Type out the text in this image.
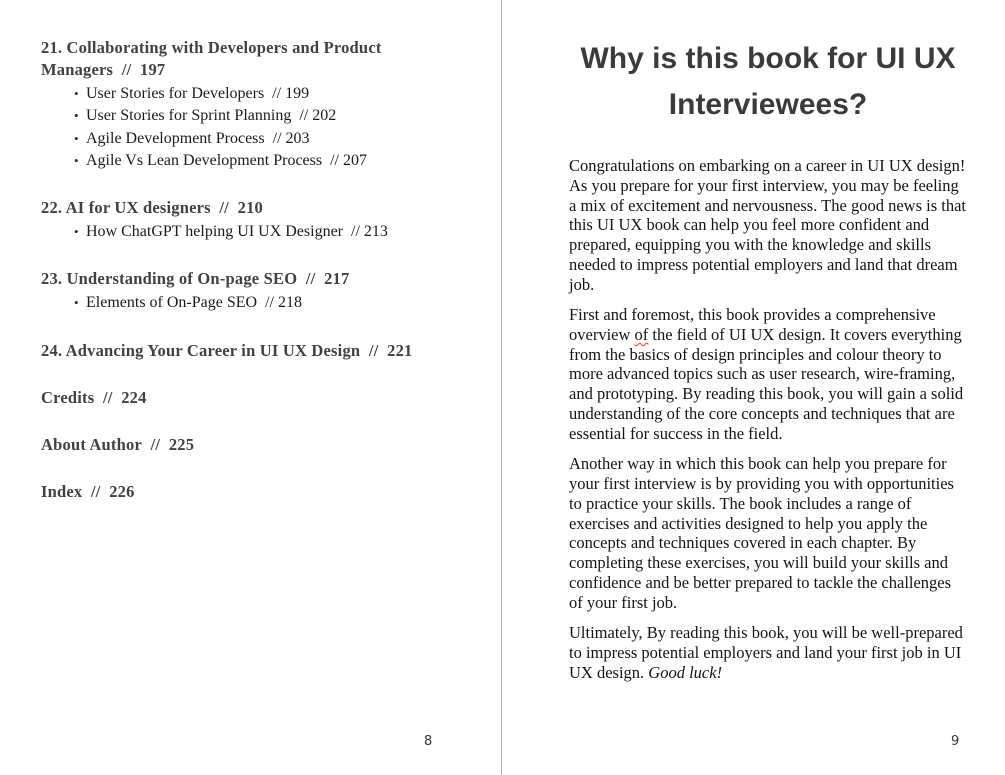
21. Collaborating with Developers and Product Managers  //  197
• User Stories for Developers  // 199
• User Stories for Sprint Planning  // 202
• Agile Development Process  // 203
• Agile Vs Lean Development Process  // 207
22. AI for UX designers  //  210
• How ChatGPT helping UI UX Designer  // 213
23. Understanding of On-page SEO  //  217
• Elements of On-Page SEO  // 218
24. Advancing Your Career in UI UX Design  //  221
Credits  //  224
About Author  //  225
Index  //  226
8
Why is this book for UI UX Interviewees?

Congratulations on embarking on a career in UI UX design! As you prepare for your first interview, you may be feeling a mix of excitement and nervousness. The good news is that this UI UX book can help you feel more confident and prepared, equipping you with the knowledge and skills needed to impress potential employers and land that dream job.

First and foremost, this book provides a comprehensive overview of the field of UI UX design. It covers everything from the basics of design principles and colour theory to more advanced topics such as user research, wire-framing, and prototyping. By reading this book, you will gain a solid understanding of the core concepts and techniques that are essential for success in the field.

Another way in which this book can help you prepare for your first interview is by providing you with opportunities to practice your skills. The book includes a range of exercises and activities designed to help you apply the concepts and techniques covered in each chapter. By completing these exercises, you will build your skills and confidence and be better prepared to tackle the challenges of your first job.

Ultimately, By reading this book, you will be well-prepared to impress potential employers and land your first job in UI UX design. Good luck!

9
